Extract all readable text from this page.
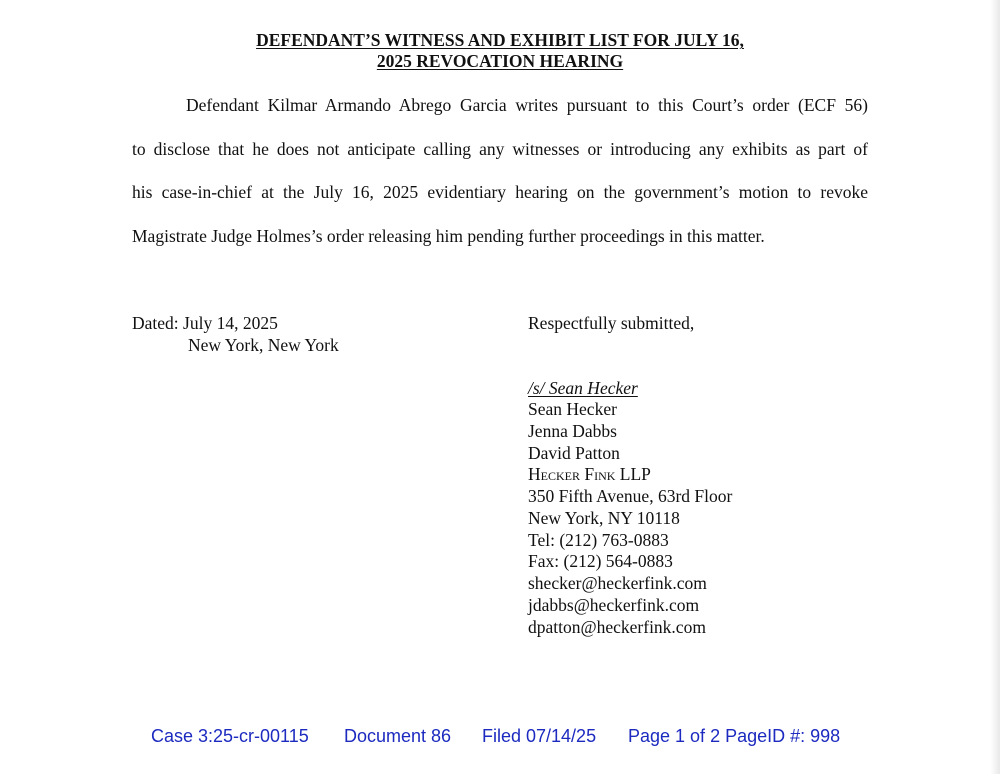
DEFENDANT’S WITNESS AND EXHIBIT LIST FOR JULY 16,
2025 REVOCATION HEARING
Defendant Kilmar Armando Abrego Garcia writes pursuant to this Court’s order (ECF 56)
to disclose that he does not anticipate calling any witnesses or introducing any exhibits as part of
his case-in-chief at the July 16, 2025 evidentiary hearing on the government’s motion to revoke
Magistrate Judge Holmes’s order releasing him pending further proceedings in this matter.
Dated: July 14, 2025
New York, New York
Respectfully submitted,
/s/ Sean Hecker
Sean Hecker
Jenna Dabbs
David Patton
Hecker Fink LLP
350 Fifth Avenue, 63rd Floor
New York, NY 10118
Tel: (212) 763-0883
Fax: (212) 564-0883
shecker@heckerfink.com
jdabbs@heckerfink.com
dpatton@heckerfink.com
Case 3:25-cr-00115 Document 86 Filed 07/14/25 Page 1 of 2 PageID #: 998
